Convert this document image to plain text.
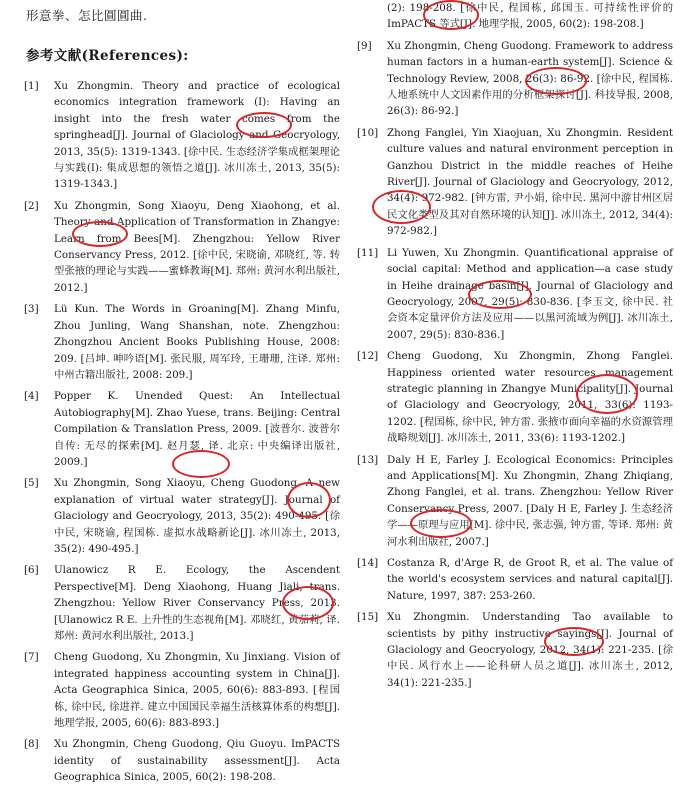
形意拳、怎比圓圓曲.
参考文献(References):
[1] Xu Zhongmin. Theory and practice of ecological economics integration framework (I): Having an insight into the fresh water comes from the springhead[J]. Journal of Glaciology and Geocryology, 2013, 35(5): 1319-1343. [徐中民. 生态经济学集成框架理论与实践(I): 集成思想的领悟之道[J]. 冰川冻土, 2013, 35(5): 1319-1343.]
[2] Xu Zhongmin, Song Xiaoyu, Deng Xiaohong, et al. Theory and Application of Transformation in Zhangye: Learn from Bees[M]. Zhengzhou: Yellow River Conservancy Press, 2012. [徐中民, 宋晓谕, 邓晓红, 等. 转型张掖的理论与实践——蜜蜂教诲[M]. 郑州: 黄河水利出版社, 2012.]
[3] Lü Kun. The Words in Groaning[M]. Zhang Minfu, Zhou Junling, Wang Shanshan, note. Zhengzhou: Zhongzhou Ancient Books Publishing House, 2008: 209. [吕坤. 呻吟语[M]. 张民服, 周军玲, 王珊珊, 注译. 郑州: 中州古籍出版社, 2008: 209.]
[4] Popper K. Unended Quest: An Intellectual Autobiography[M]. Zhao Yuese, trans. Beijing: Central Compilation & Translation Press, 2009. [波普尔. 波普尔自传: 无尽的探索[M]. 赵月瑟, 译. 北京: 中央编译出版社, 2009.]
[5] Xu Zhongmin, Song Xiaoyu, Cheng Guodong. A new explanation of virtual water strategy[J]. Journal of Glaciology and Geocryology, 2013, 35(2): 490-495. [徐中民, 宋晓谕, 程国栋. 虚拟水战略新论[J]. 冰川冻土, 2013, 35(2): 490-495.]
[6] Ulanowicz R E. Ecology, the Ascendent Perspective[M]. Deng Xiaohong, Huang Jiali, trans. Zhengzhou: Yellow River Conservancy Press, 2013. [Ulanowicz R E. 上升性的生态视角[M]. 邓晓红, 黄茄莉, 译. 郑州: 黄河水利出版社, 2013.]
[7] Cheng Guodong, Xu Zhongmin, Xu Jinxiang. Vision of integrated happiness accounting system in China[J]. Acta Geographica Sinica, 2005, 60(6): 883-893. [程国栋, 徐中民, 徐进祥. 建立中国国民幸福生活核算体系的构想[J]. 地理学报, 2005, 60(6): 883-893.]
[8] Xu Zhongmin, Cheng Guodong, Qiu Guoyu. ImPACTS identity of sustainability assessment[J]. Acta Geographica Sinica, 2005, 60(2): 198-208.
(2): 198-208. [徐中民, 程国栋, 邱国玉. 可持续性评价的 ImPACTS 等式[J]. 地理学报, 2005, 60(2): 198-208.]
[9] Xu Zhongmin, Cheng Guodong. Framework to address human factors in a human-earth system[J]. Science & Technology Review, 2008, 26(3): 86-92. [徐中民, 程国栋. 人地系统中人文因素作用的分析框架探讨[J]. 科技导报, 2008, 26(3): 86-92.]
[10] Zhong Fanglei, Yin Xiaojuan, Xu Zhongmin. Resident culture values and natural environment perception in Ganzhou District in the middle reaches of Heihe River[J]. Journal of Glaciology and Geocryology, 2012, 34(4): 972-982. [钟方雷, 尹小娟, 徐中民. 黑河中游甘州区居民文化类型及其对自然环境的认知[J]. 冰川冻土, 2012, 34(4): 972-982.]
[11] Li Yuwen, Xu Zhongmin. Quantificational appraise of social capital: Method and application—a case study in Heihe drainage basin[J]. Journal of Glaciology and Geocryology, 2007, 29(5): 830-836. [李玉文, 徐中民. 社会资本定量评价方法及应用——以黑河流域为例[J]. 冰川冻土, 2007, 29(5): 830-836.]
[12] Cheng Guodong, Xu Zhongmin, Zhong Fanglei. Happiness oriented water resources management strategic planning in Zhangye Municipality[J]. Journal of Glaciology and Geocryology, 2011, 33(6): 1193-1202. [程国栋, 徐中民, 钟方雷. 张掖市面向幸福的水资源管理战略规划[J]. 冰川冻土, 2011, 33(6): 1193-1202.]
[13] Daly H E, Farley J. Ecological Economics: Principles and Applications[M]. Xu Zhongmin, Zhang Zhiqiang, Zhong Fanglei, et al. trans. Zhengzhou: Yellow River Conservancy Press, 2007. [Daly H E, Farley J. 生态经济学——原理与应用[M]. 徐中民, 张志强, 钟方雷, 等译. 郑州: 黄河水利出版社, 2007.]
[14] Costanza R, d'Arge R, de Groot R, et al. The value of the world's ecosystem services and natural capital[J]. Nature, 1997, 387: 253-260.
[15] Xu Zhongmin. Understanding Tao available to scientists by pithy instructive sayings[J]. Journal of Glaciology and Geocryology, 2012, 34(1): 221-235. [徐中民. 风行水上——论科研人员之道[J]. 冰川冻土, 2012, 34(1): 221-235.]
